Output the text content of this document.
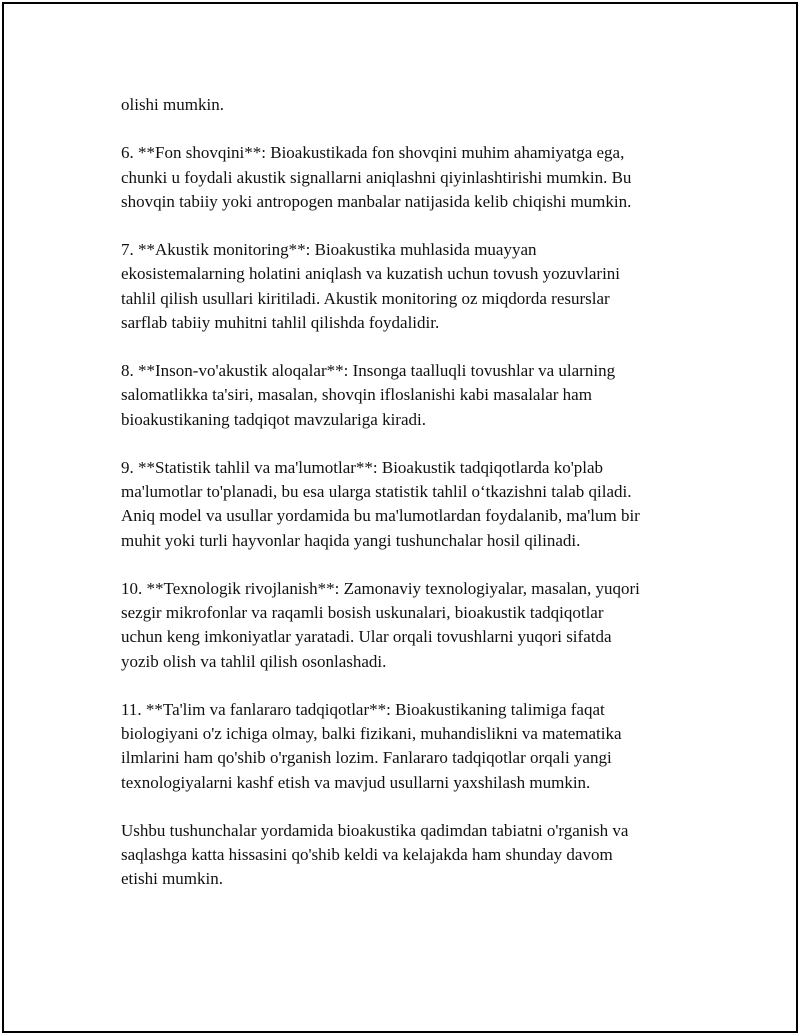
olishi mumkin.

6. **Fon shovqini**: Bioakustikada fon shovqini muhim ahamiyatga ega,
chunki u foydali akustik signallarni aniqlashni qiyinlashtirishi mumkin. Bu
shovqin tabiiy yoki antropogen manbalar natijasida kelib chiqishi mumkin.

7. **Akustik monitoring**: Bioakustika muhlasida muayyan
ekosistemalarning holatini aniqlash va kuzatish uchun tovush yozuvlarini
tahlil qilish usullari kiritiladi. Akustik monitoring oz miqdorda resurslar
sarflab tabiiy muhitni tahlil qilishda foydalidir.

8. **Inson-vo'akustik aloqalar**: Insonga taalluqli tovushlar va ularning
salomatlikka ta'siri, masalan, shovqin ifloslanishi kabi masalalar ham
bioakustikaning tadqiqot mavzulariga kiradi.

9. **Statistik tahlil va ma'lumotlar**: Bioakustik tadqiqotlarda ko'plab
ma'lumotlar to'planadi, bu esa ularga statistik tahlil o‘tkazishni talab qiladi.
Aniq model va usullar yordamida bu ma'lumotlardan foydalanib, ma'lum bir
muhit yoki turli hayvonlar haqida yangi tushunchalar hosil qilinadi.

10. **Texnologik rivojlanish**: Zamonaviy texnologiyalar, masalan, yuqori
sezgir mikrofonlar va raqamli bosish uskunalari, bioakustik tadqiqotlar
uchun keng imkoniyatlar yaratadi. Ular orqali tovushlarni yuqori sifatda
yozib olish va tahlil qilish osonlashadi.

11. **Ta'lim va fanlararo tadqiqotlar**: Bioakustikaning talimiga faqat
biologiyani o'z ichiga olmay, balki fizikani, muhandislikni va matematika
ilmlarini ham qo'shib o'rganish lozim. Fanlararo tadqiqotlar orqali yangi
texnologiyalarni kashf etish va mavjud usullarni yaxshilash mumkin.

Ushbu tushunchalar yordamida bioakustika qadimdan tabiatni o'rganish va
saqlashga katta hissasini qo'shib keldi va kelajakda ham shunday davom
etishi mumkin.
